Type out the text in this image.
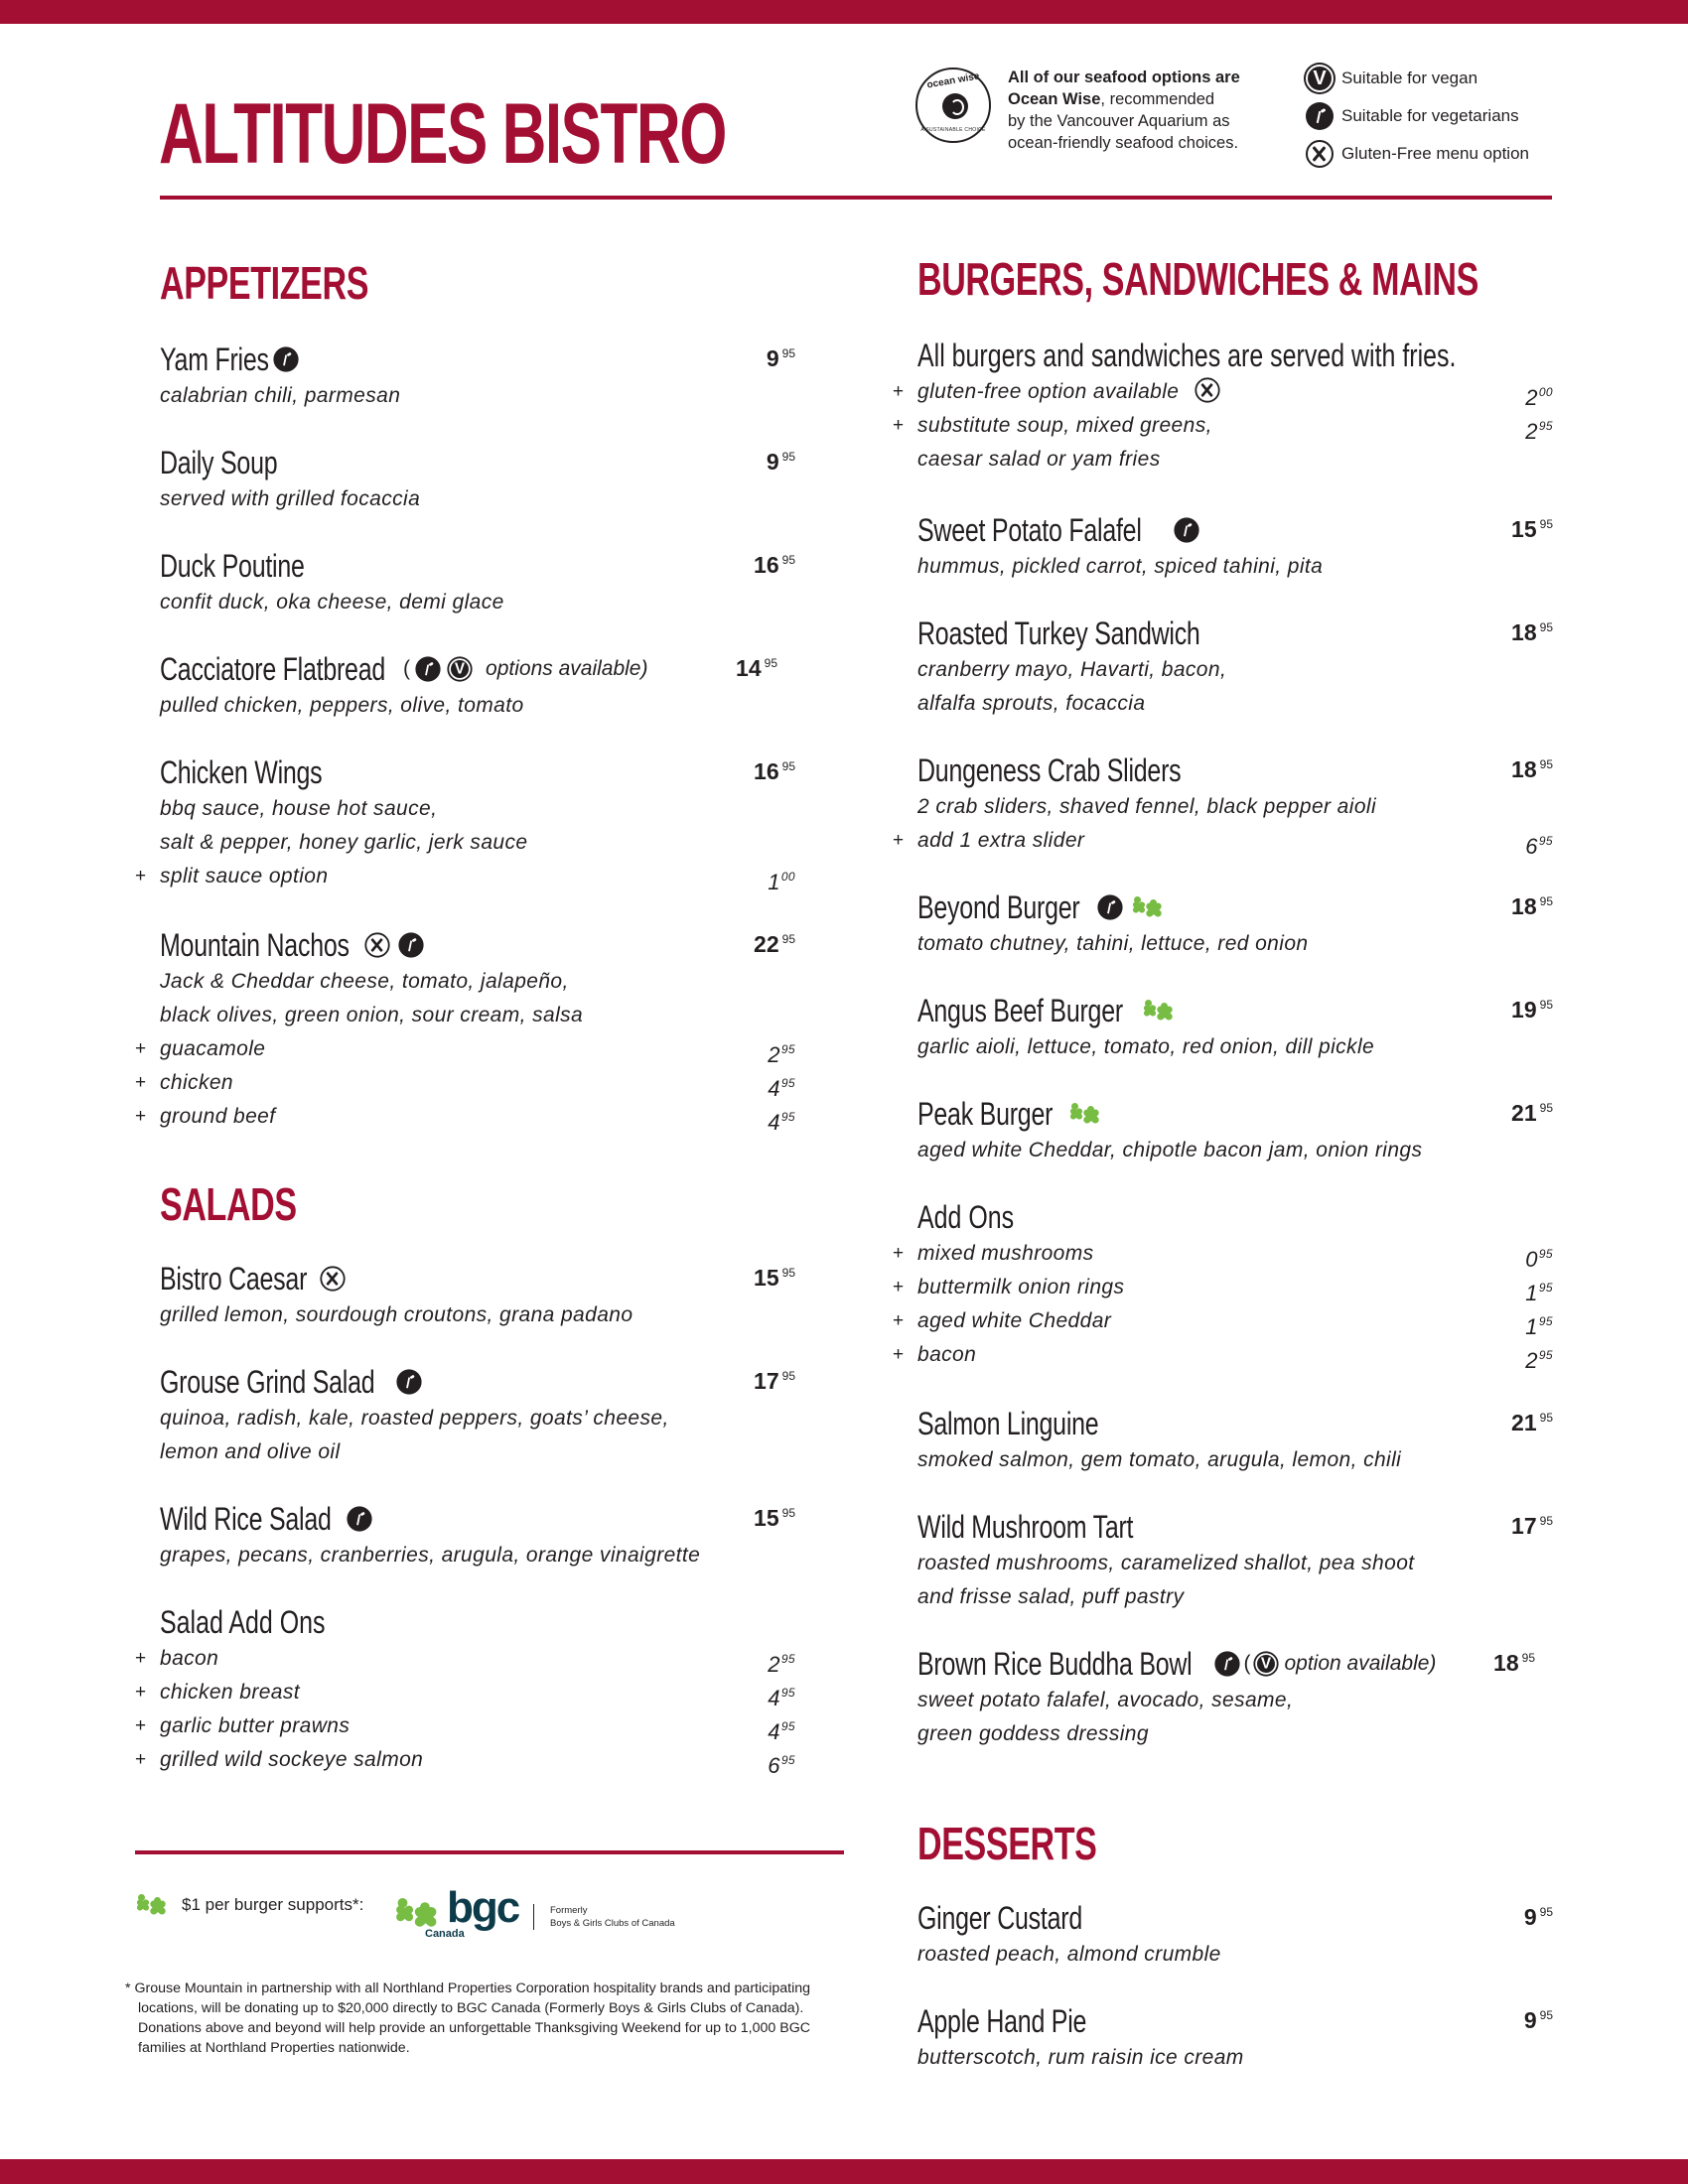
ALTITUDES BISTRO
ocean wise
A SUSTAINABLE CHOICE
All of our seafood options are
Ocean Wise, recommended
by the Vancouver Aquarium as
ocean-friendly seafood choices.
V Suitable for vegan
Suitable for vegetarians
Gluten-Free menu option
APPETIZERS
Yam Fries	9 $^{95}$
calabrian chili, parmesan
Daily Soup	9 $^{95}$
served with grilled focaccia
Duck Poutine	16 $^{95}$
confit duck, oka cheese, demi glace
Cacciatore Flatbread (	V options available)	14 $^{95}$
pulled chicken, peppers, olive, tomato
Chicken Wings	16 $^{95}$
bbq sauce, house hot sauce,
salt & pepper, honey garlic, jerk sauce
+ split sauce option	$1^{00}$
Mountain Nachos	22 $^{95}$
Jack & Cheddar cheese, tomato, jalapeño,
black olives, green onion, sour cream, salsa
+ guacamole	$2^{95}$
+ chicken	$4^{95}$
+ ground beef	$4^{95}$
SALADS
Bistro Caesar	15 $^{95}$
grilled lemon, sourdough croutons, grana padano
Grouse Grind Salad	17 $^{95}$
quinoa, radish, kale, roasted peppers, goats’ cheese,
lemon and olive oil
Wild Rice Salad	15 $^{95}$
grapes, pecans, cranberries, arugula, orange vinaigrette
Salad Add Ons
+ bacon	$2^{95}$
+ chicken breast	$4^{95}$
+ garlic butter prawns	$4^{95}$
+ grilled wild sockeye salmon	$6^{95}$
$1 per burger supports*: bgc
Canada
Formerly
Boys & Girls Clubs of Canada
* Grouse Mountain in partnership with all Northland Properties Corporation hospitality brands and participating locations, will be donating up to $20,000 directly to BGC Canada (Formerly Boys & Girls Clubs of Canada). Donations above and beyond will help provide an unforgettable Thanksgiving Weekend for up to 1,000 BGC families at Northland Properties nationwide.
BURGERS, SANDWICHES & MAINS
All burgers and sandwiches are served with fries.
+ gluten-free option available	$2^{00}$
+ substitute soup, mixed greens,	$2^{95}$
caesar salad or yam fries
Sweet Potato Falafel	15 $^{95}$
hummus, pickled carrot, spiced tahini, pita
Roasted Turkey Sandwich	18 $^{95}$
cranberry mayo, Havarti, bacon,
alfalfa sprouts, focaccia
Dungeness Crab Sliders	18 $^{95}$
2 crab sliders, shaved fennel, black pepper aioli
+ add 1 extra slider	$6^{95}$
Beyond Burger	18 $^{95}$
tomato chutney, tahini, lettuce, red onion
Angus Beef Burger	19 $^{95}$
garlic aioli, lettuce, tomato, red onion, dill pickle
Peak Burger	21 $^{95}$
aged white Cheddar, chipotle bacon jam, onion rings
Add Ons
+ mixed mushrooms	$0^{95}$
+ buttermilk onion rings	$1^{95}$
+ aged white Cheddar	$1^{95}$
+ bacon	$2^{95}$
Salmon Linguine	21 $^{95}$
smoked salmon, gem tomato, arugula, lemon, chili
Wild Mushroom Tart	17 $^{95}$
roasted mushrooms, caramelized shallot, pea shoot
and frisse salad, puff pastry
Brown Rice Buddha Bowl ( V option available)	18 $^{95}$
sweet potato falafel, avocado, sesame,
green goddess dressing
DESSERTS
Ginger Custard	9 $^{95}$
roasted peach, almond crumble
Apple Hand Pie	9 $^{95}$
butterscotch, rum raisin ice cream
